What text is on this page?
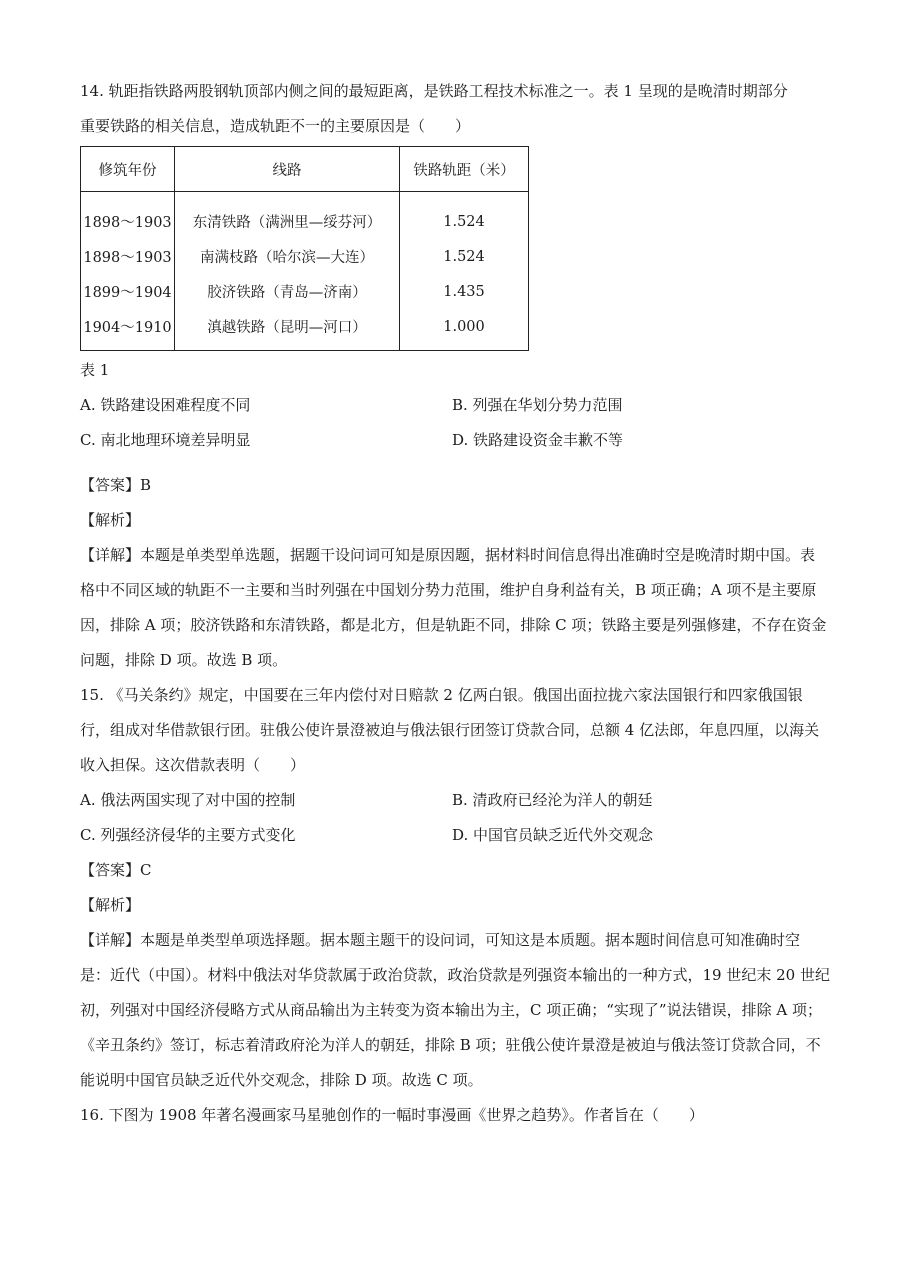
14. 轨距指铁路两股钢轨顶部内侧之间的最短距离，是铁路工程技术标准之一。表 1 呈现的是晚清时期部分
重要铁路的相关信息，造成轨距不一的主要原因是（　　）
修筑年份	线路	铁路轨距（米）
1898～1903	东清铁路（满洲里—绥芬河）	1.524
1898～1903	南满枝路（哈尔滨—大连）	1.524
1899～1904	胶济铁路（青岛—济南）	1.435
1904～1910	滇越铁路（昆明—河口）	1.000
表 1
A. 铁路建设困难程度不同	B. 列强在华划分势力范围
C. 南北地理环境差异明显	D. 铁路建设资金丰歉不等
【答案】B
【解析】
【详解】本题是单类型单选题，据题干设问词可知是原因题，据材料时间信息得出准确时空是晚清时期中国。表格中不同区域的轨距不一主要和当时列强在中国划分势力范围，维护自身利益有关，B 项正确；A 项不是主要原因，排除 A 项；胶济铁路和东清铁路，都是北方，但是轨距不同，排除 C 项；铁路主要是列强修建，不存在资金问题，排除 D 项。故选 B 项。
15. 《马关条约》规定，中国要在三年内偿付对日赔款 2 亿两白银。俄国出面拉拢六家法国银行和四家俄国银行，组成对华借款银行团。驻俄公使许景澄被迫与俄法银行团签订贷款合同，总额 4 亿法郎，年息四厘，以海关收入担保。这次借款表明（　　）
A. 俄法两国实现了对中国的控制	B. 清政府已经沦为洋人的朝廷
C. 列强经济侵华的主要方式变化	D. 中国官员缺乏近代外交观念
【答案】C
【解析】
【详解】本题是单类型单项选择题。据本题主题干的设问词，可知这是本质题。据本题时间信息可知准确时空是：近代（中国）。材料中俄法对华贷款属于政治贷款，政治贷款是列强资本输出的一种方式，19 世纪末 20 世纪初，列强对中国经济侵略方式从商品输出为主转变为资本输出为主，C 项正确；“实现了”说法错误，排除 A 项；《辛丑条约》签订，标志着清政府沦为洋人的朝廷，排除 B 项；驻俄公使许景澄是被迫与俄法签订贷款合同，不能说明中国官员缺乏近代外交观念，排除 D 项。故选 C 项。
16. 下图为 1908 年著名漫画家马星驰创作的一幅时事漫画《世界之趋势》。作者旨在（　　）
